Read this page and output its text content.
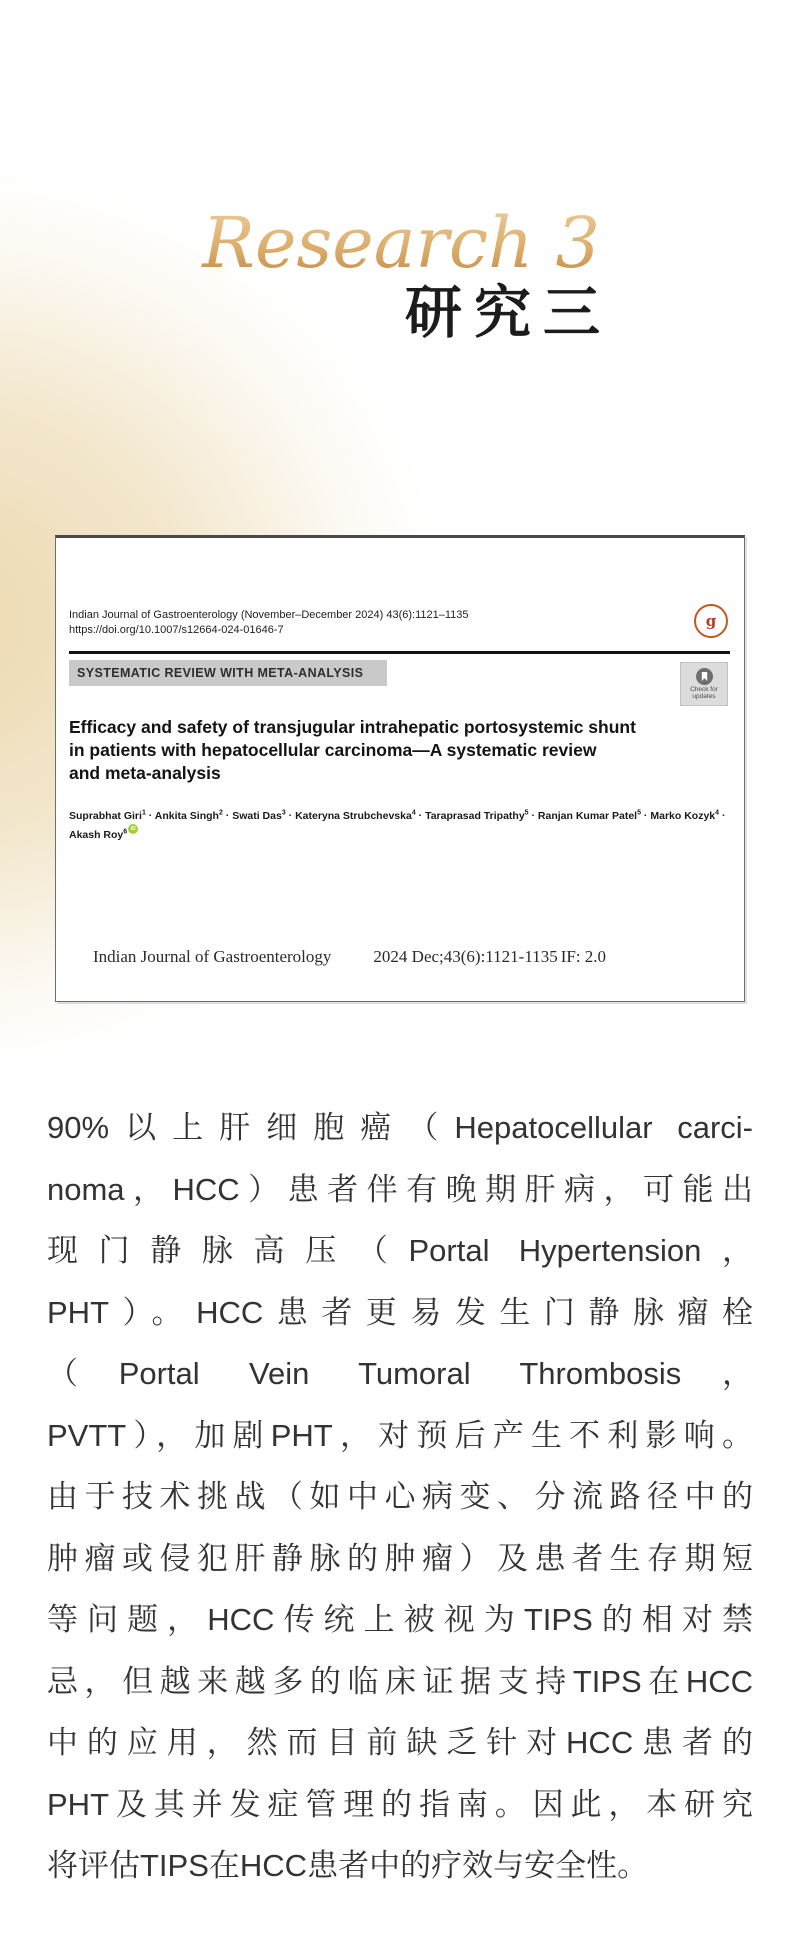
Research 3
研究三
Indian Journal of Gastroenterology (November–December 2024) 43(6):1121–1135
https://doi.org/10.1007/s12664-024-01646-7	g
SYSTEMATIC REVIEW WITH META-ANALYSIS
Check for updates
Efficacy and safety of transjugular intrahepatic portosystemic shunt
in patients with hepatocellular carcinoma—A systematic review
and meta-analysis
Suprabhat Giri$^1$ · Ankita Singh$^2$ · Swati Das$^3$ · Kateryna Strubchevska$^4$ · Taraprasad Tripathy$^5$ · Ranjan Kumar Patel$^5$ · Marko Kozyk$^4$ · Akash Roy$^6$iD
Indian Journal of Gastroenterology 2024 Dec;43(6):1121-1135 IF: 2.0
90%以上肝细胞癌（Hepatocellular carci-
noma，HCC）患者伴有晚期肝病，可能出
现门静脉高压（Portal Hypertension，
PHT）。HCC患者更易发生门静脉瘤栓
（Portal Vein Tumoral Thrombosis，
PVTT），加剧PHT，对预后产生不利影响。
由于技术挑战（如中心病变、分流路径中的
肿瘤或侵犯肝静脉的肿瘤）及患者生存期短
等问题，HCC传统上被视为TIPS的相对禁
忌，但越来越多的临床证据支持TIPS在HCC
中的应用，然而目前缺乏针对HCC患者的
PHT及其并发症管理的指南。因此，本研究
将评估TIPS在HCC患者中的疗效与安全性。
